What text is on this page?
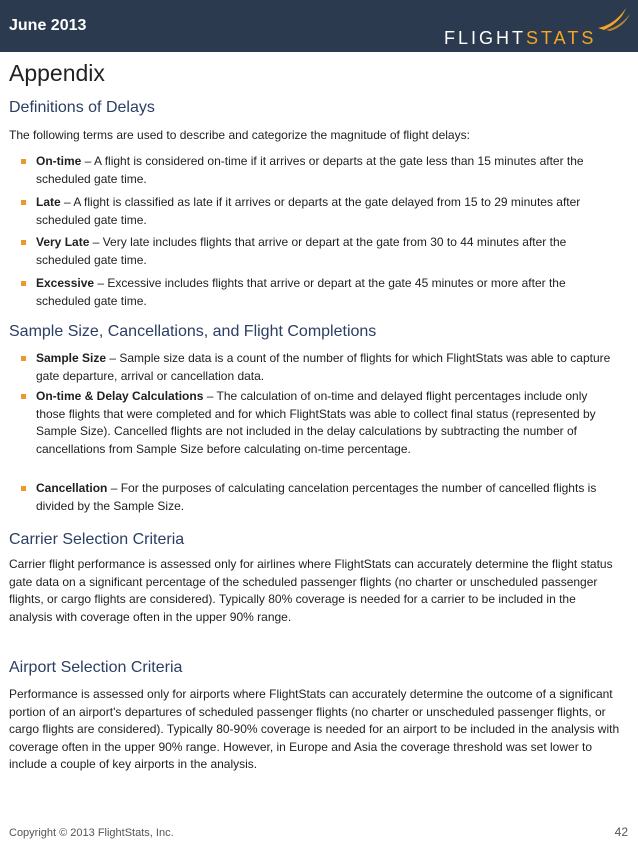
June 2013
FLIGHTSTATS
Appendix
Definitions of Delays

The following terms are used to describe and categorize the magnitude of flight delays:

On-time – A flight is considered on-time if it arrives or departs at the gate less than 15 minutes after the scheduled gate time.
Late – A flight is classified as late if it arrives or departs at the gate delayed from 15 to 29 minutes after scheduled gate time.
Very Late – Very late includes flights that arrive or depart at the gate from 30 to 44 minutes after the scheduled gate time.
Excessive – Excessive includes flights that arrive or depart at the gate 45 minutes or more after the scheduled gate time.
Sample Size, Cancellations, and Flight Completions
Sample Size – Sample size data is a count of the number of flights for which FlightStats was able to capture gate departure, arrival or cancellation data.
On-time & Delay Calculations – The calculation of on-time and delayed flight percentages include only those flights that were completed and for which FlightStats was able to collect final status (represented by Sample Size). Cancelled flights are not included in the delay calculations by subtracting the number of cancellations from Sample Size before calculating on-time percentage.
Cancellation – For the purposes of calculating cancelation percentages the number of cancelled flights is divided by the Sample Size.
Carrier Selection Criteria

Carrier flight performance is assessed only for airlines where FlightStats can accurately determine the flight status gate data on a significant percentage of the scheduled passenger flights (no charter or unscheduled passenger flights, or cargo flights are considered). Typically 80% coverage is needed for a carrier to be included in the analysis with coverage often in the upper 90% range.

Airport Selection Criteria

Performance is assessed only for airports where FlightStats can accurately determine the outcome of a significant portion of an airport's departures of scheduled passenger flights (no charter or unscheduled passenger flights, or cargo flights are considered). Typically 80-90% coverage is needed for an airport to be included in the analysis with coverage often in the upper 90% range. However, in Europe and Asia the coverage threshold was set lower to include a couple of key airports in the analysis.

Copyright © 2013 FlightStats, Inc.	42
